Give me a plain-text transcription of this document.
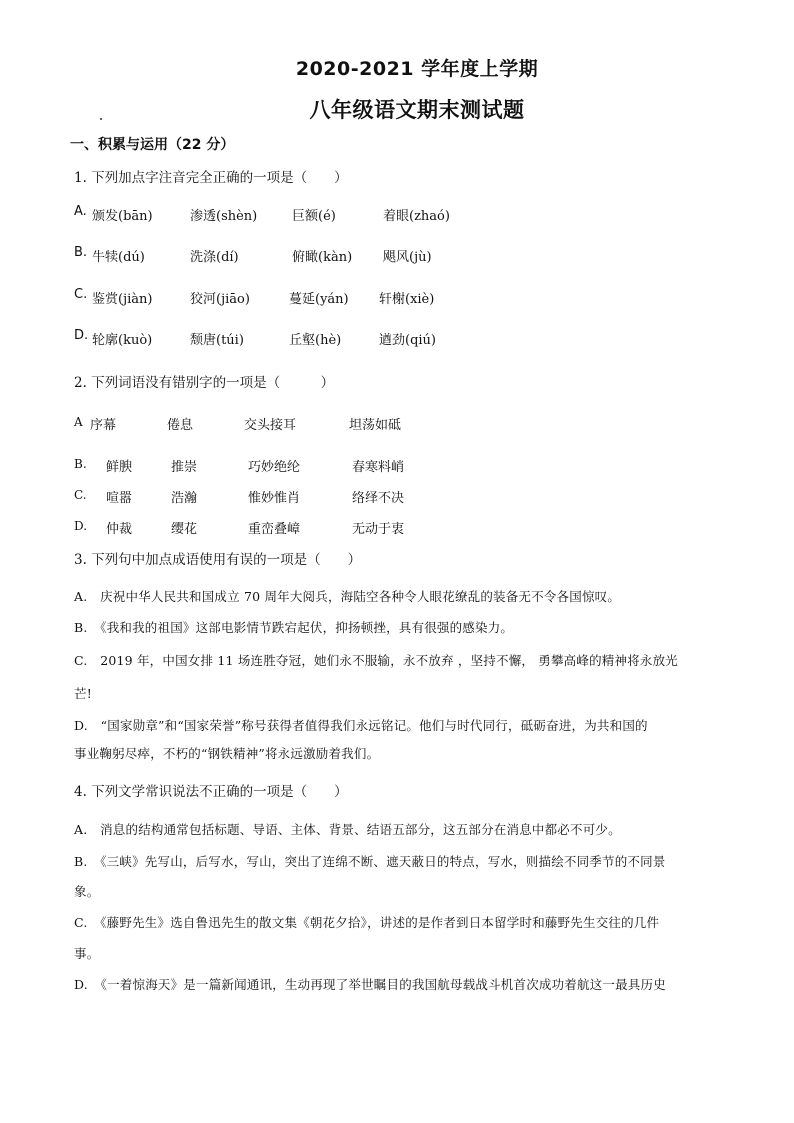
2020-2021 学年度上学期
八年级语文期末测试题
一、积累与运用（22 分）
1. 下列加点字注音完全正确的一项是（　　）
A. 颁发(bān)	渗透(shèn)	巨额(é)	着眼(zhaó)
B. 牛犊(dú)	洗涤(dí)	俯瞰(kàn) 飓风(jù)
C. 鉴赏(jiàn)	狡河(jiāo)	蔓延(yán) 轩榭(xiè)
D. 轮廓(kuò)	颓唐(túi)	丘壑(hè)	遒劲(qiú)
2. 下列词语没有错别字的一项是（　　　）
A 序幕	倦息	交头接耳	坦荡如砥
B. 鲜腴	推崇	巧妙绝纶	春寒料峭
C. 喧嚣	浩瀚	惟妙惟肖	络绎不决
D. 仲裁	缨花	重峦叠嶂	无动于衷
3. 下列句中加点成语使用有误的一项是（　　）
A.　庆祝中华人民共和国成立 70 周年大阅兵，海陆空各种令人眼花缭乱的装备无不令各国惊叹。
B.　《我和我的祖国》这部电影情节跌宕起伏，抑扬顿挫，具有很强的感染力。
C.　2019 年，中国女排 11 场连胜夺冠，她们永不服输，永不放弃 ，坚持不懈， 勇攀高峰的精神将永放光
芒!
D.　“国家勋章”和“国家荣誉”称号获得者值得我们永远铭记。他们与时代同行，砥砺奋进，为共和国的
事业鞠躬尽瘁，不朽的“钢铁精神”将永远激励着我们。
4. 下列文学常识说法不正确的一项是（　　）
A.　消息的结构通常包括标题、导语、主体、背景、结语五部分，这五部分在消息中都必不可少。
B.　《三峡》先写山，后写水，写山，突出了连绵不断、遮天蔽日的特点，写水，则描绘不同季节的不同景
象。
C.　《藤野先生》选自鲁迅先生的散文集《朝花夕拾》，讲述的是作者到日本留学时和藤野先生交往的几件
事。
D.　《一着惊海天》是一篇新闻通讯，生动再现了举世瞩目的我国航母载战斗机首次成功着航这一最具历史
